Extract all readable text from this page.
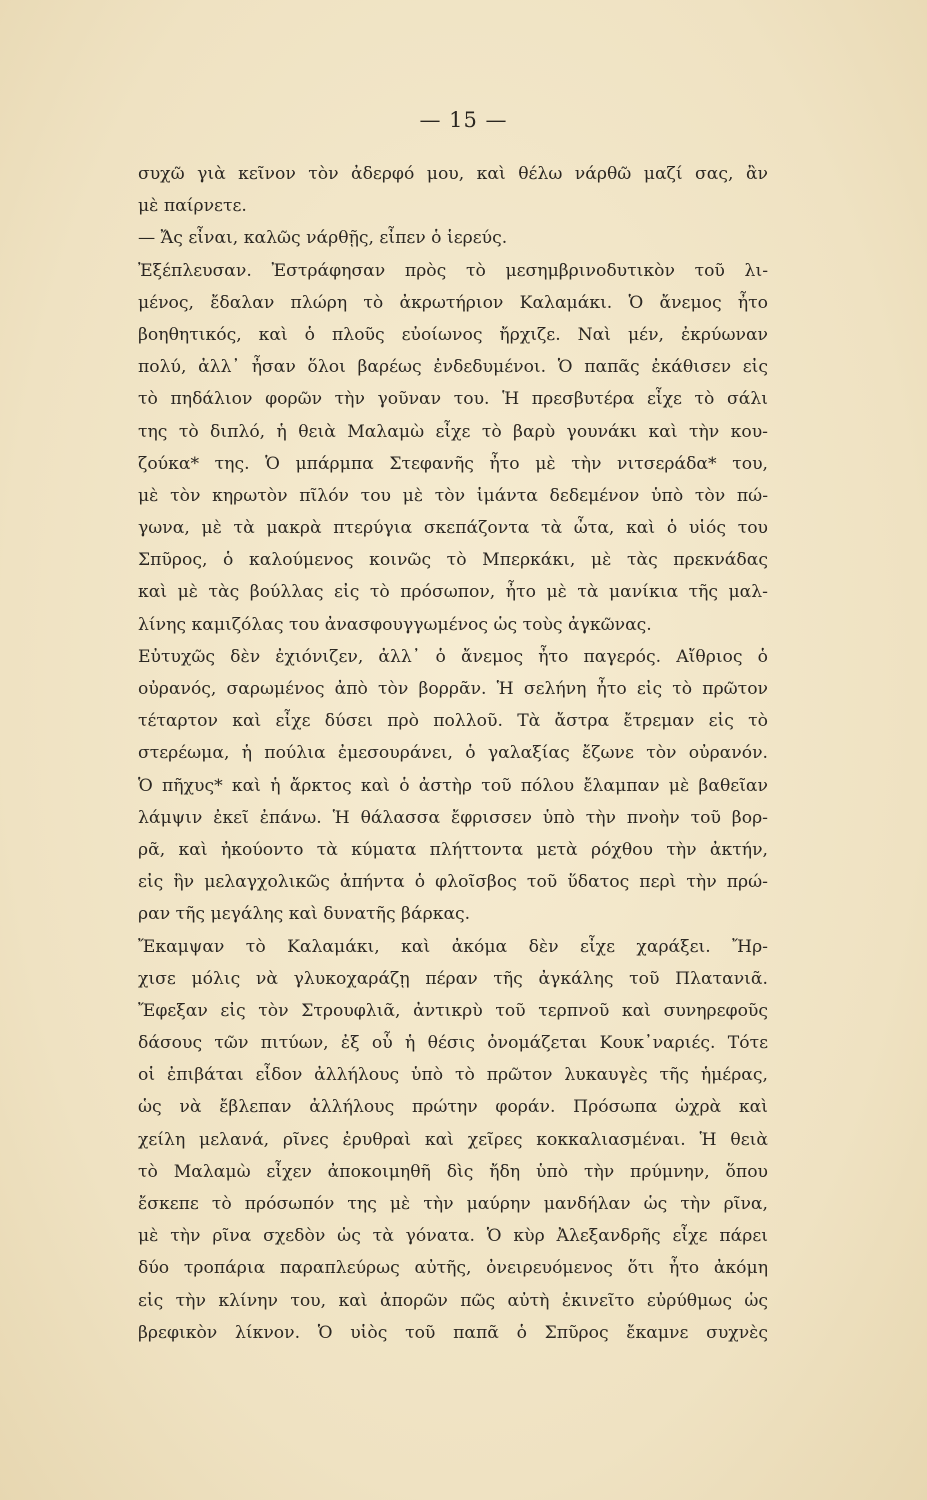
— 15 —
συχῶ γιὰ κεῖνον τὸν ἀδερφό μου, καὶ θέλω νάρθῶ μαζί σας, ἂν
μὲ παίρνετε.
— Ἄς εἶναι, καλῶς νάρθῇς, εἶπεν ὁ ἱερεύς.
Ἐξέπλευσαν. Ἐστράφησαν πρὸς τὸ μεσημβρινοδυτικὸν τοῦ λι-
μένος, ἔδαλαν πλώρη τὸ ἀκρωτήριον Καλαμάκι. Ὁ ἄνεμος ἦτο
βοηθητικός, καὶ ὁ πλοῦς εὐοίωνος ἤρχιζε. Ναὶ μέν, ἐκρύωναν
πολύ, ἀλλ᾽ ἦσαν ὅλοι βαρέως ἐνδεδυμένοι. Ὁ παπᾶς ἐκάθισεν εἰς
τὸ πηδάλιον φορῶν τὴν γοῦναν του. Ἡ πρεσβυτέρα εἶχε τὸ σάλι
της τὸ διπλό, ἡ θειὰ Μαλαμὼ εἶχε τὸ βαρὺ γουνάκι καὶ τὴν κου-
ζούκα* της. Ὁ μπάρμπα Στεφανῆς ἦτο μὲ τὴν νιτσεράδα* του,
μὲ τὸν κηρωτὸν πῖλόν του μὲ τὸν ἱμάντα δεδεμένον ὑπὸ τὸν πώ-
γωνα, μὲ τὰ μακρὰ πτερύγια σκεπάζοντα τὰ ὦτα, καὶ ὁ υἱός του
Σπῦρος, ὁ καλούμενος κοινῶς τὸ Μπερκάκι, μὲ τὰς πρεκνάδας
καὶ μὲ τὰς βούλλας εἰς τὸ πρόσωπον, ἦτο μὲ τὰ μανίκια τῆς μαλ-
λίνης καμιζόλας του ἀνασφουγγωμένος ὡς τοὺς ἀγκῶνας.
Εὐτυχῶς δὲν ἐχιόνιζεν, ἀλλ᾽ ὁ ἄνεμος ἦτο παγερός. Αἴθριος ὁ
οὐρανός, σαρωμένος ἀπὸ τὸν βορρᾶν. Ἡ σελήνη ἦτο εἰς τὸ πρῶτον
τέταρτον καὶ εἶχε δύσει πρὸ πολλοῦ. Τὰ ἄστρα ἔτρεμαν εἰς τὸ
στερέωμα, ἡ πούλια ἐμεσουράνει, ὁ γαλαξίας ἔζωνε τὸν οὐρανόν.
Ὁ πῆχυς* καὶ ἡ ἄρκτος καὶ ὁ ἀστὴρ τοῦ πόλου ἔλαμπαν μὲ βαθεῖαν
λάμψιν ἐκεῖ ἐπάνω. Ἡ θάλασσα ἔφρισσεν ὑπὸ τὴν πνοὴν τοῦ βορ-
ρᾶ, καὶ ἠκούοντο τὰ κύματα πλήττοντα μετὰ ρόχθου τὴν ἀκτήν,
εἰς ἣν μελαγχολικῶς ἀπήντα ὁ φλοῖσβος τοῦ ὕδατος περὶ τὴν πρώ-
ραν τῆς μεγάλης καὶ δυνατῆς βάρκας.
Ἔκαμψαν τὸ Καλαμάκι, καὶ ἀκόμα δὲν εἶχε χαράξει. Ἤρ-
χισε μόλις νὰ γλυκοχαράζῃ πέραν τῆς ἀγκάλης τοῦ Πλατανιᾶ.
Ἔφεξαν εἰς τὸν Στρουφλιᾶ, ἀντικρὺ τοῦ τερπνοῦ καὶ συνηρεφοῦς
δάσους τῶν πιτύων, ἐξ οὗ ἡ θέσις ὀνομάζεται Κουκ᾽ναριές. Τότε
οἱ ἐπιβάται εἶδον ἀλλήλους ὑπὸ τὸ πρῶτον λυκαυγὲς τῆς ἡμέρας,
ὡς νὰ ἔβλεπαν ἀλλήλους πρώτην φοράν. Πρόσωπα ὠχρὰ καὶ
χείλη μελανά, ρῖνες ἐρυθραὶ καὶ χεῖρες κοκκαλιασμέναι. Ἡ θειὰ
τὸ Μαλαμὼ εἶχεν ἀποκοιμηθῆ δὶς ἤδη ὑπὸ τὴν πρύμνην, ὅπου
ἔσκεπε τὸ πρόσωπόν της μὲ τὴν μαύρην μανδήλαν ὡς τὴν ρῖνα,
μὲ τὴν ρῖνα σχεδὸν ὡς τὰ γόνατα. Ὁ κὺρ Ἀλεξανδρῆς εἶχε πάρει
δύο τροπάρια παραπλεύρως αὐτῆς, ὀνειρευόμενος ὅτι ἦτο ἀκόμη
εἰς τὴν κλίνην του, καὶ ἀπορῶν πῶς αὐτὴ ἐκινεῖτο εὐρύθμως ὡς
βρεφικὸν λίκνον. Ὁ υἱὸς τοῦ παπᾶ ὁ Σπῦρος ἔκαμνε συχνὲς
